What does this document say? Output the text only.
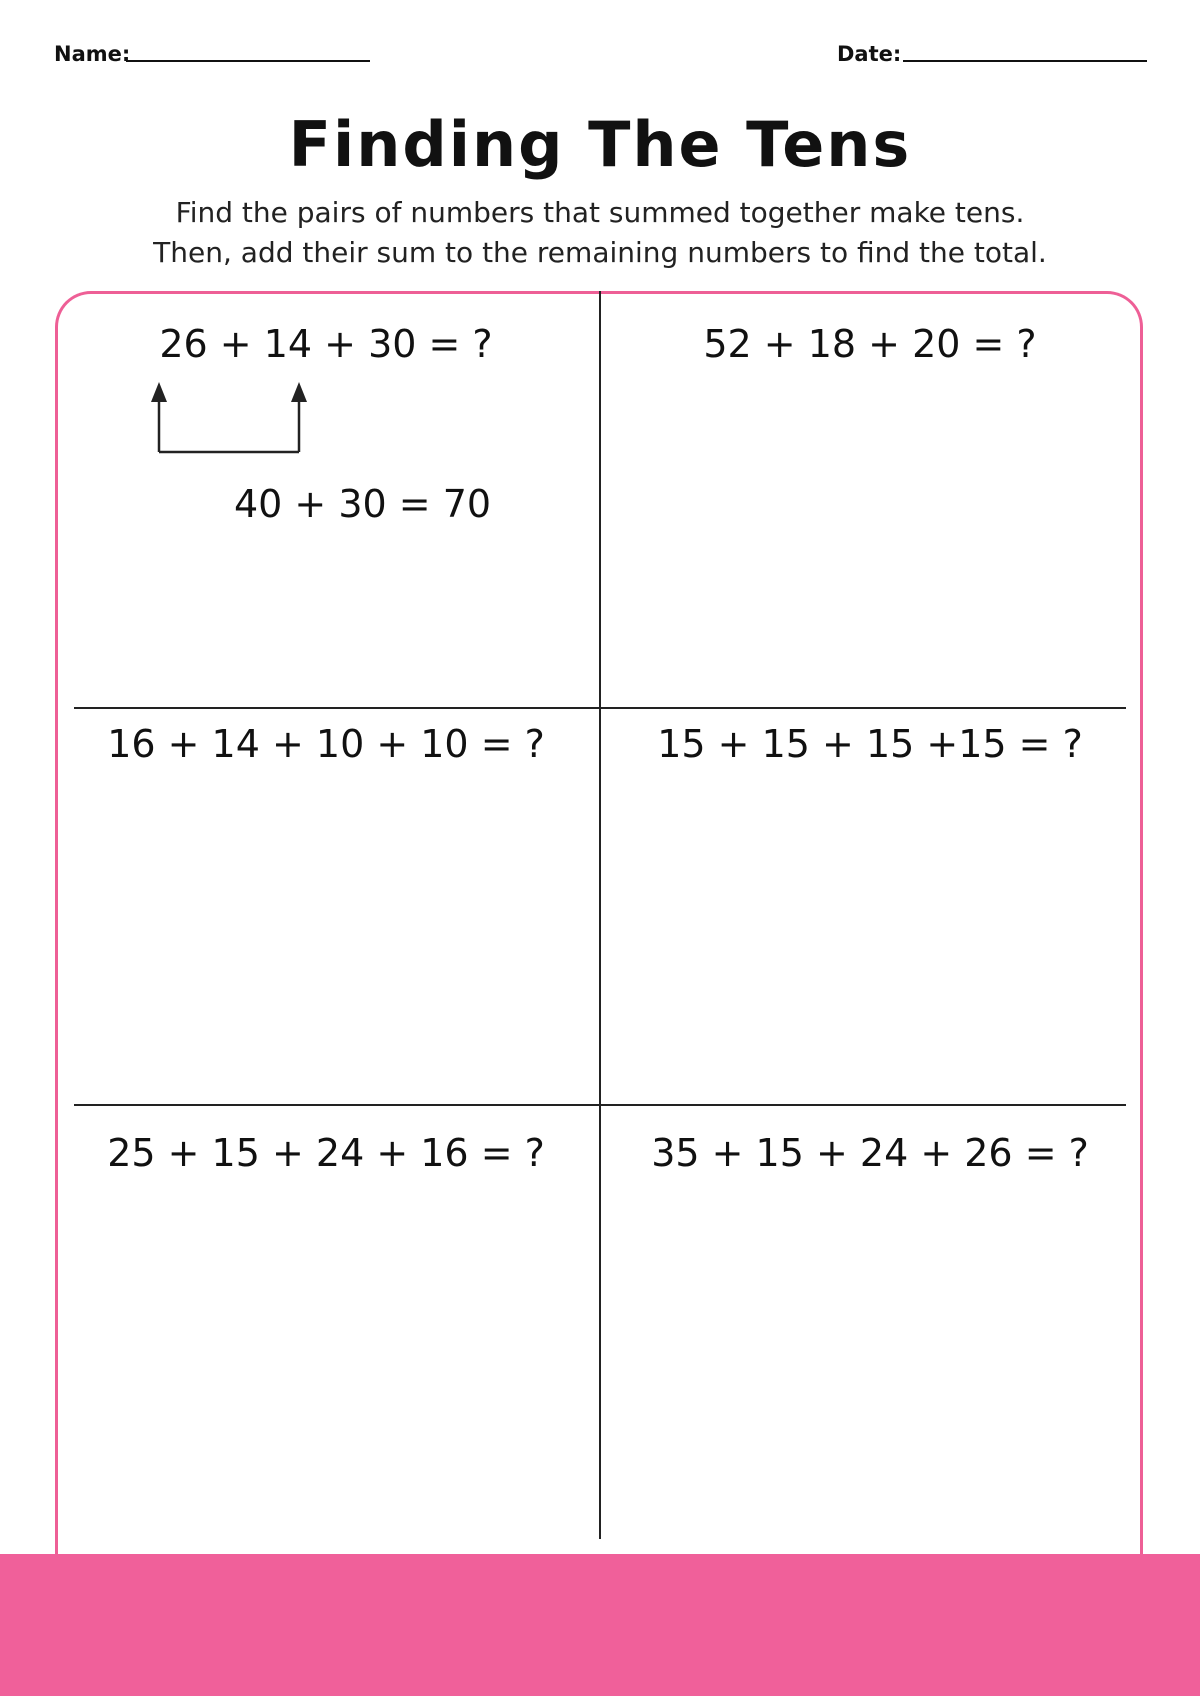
Name:	Date:
Finding The Tens
Find the pairs of numbers that summed together make tens.
Then, add their sum to the remaining numbers to find the total.
26 + 14 + 30 = ?	52 + 18 + 20 = ?
16 + 14 + 10 + 10 = ?	15 + 15 + 15 +15 = ?
25 + 15 + 24 + 16 = ?	35 + 15 + 24 + 26 = ?
40 + 30 = 70
